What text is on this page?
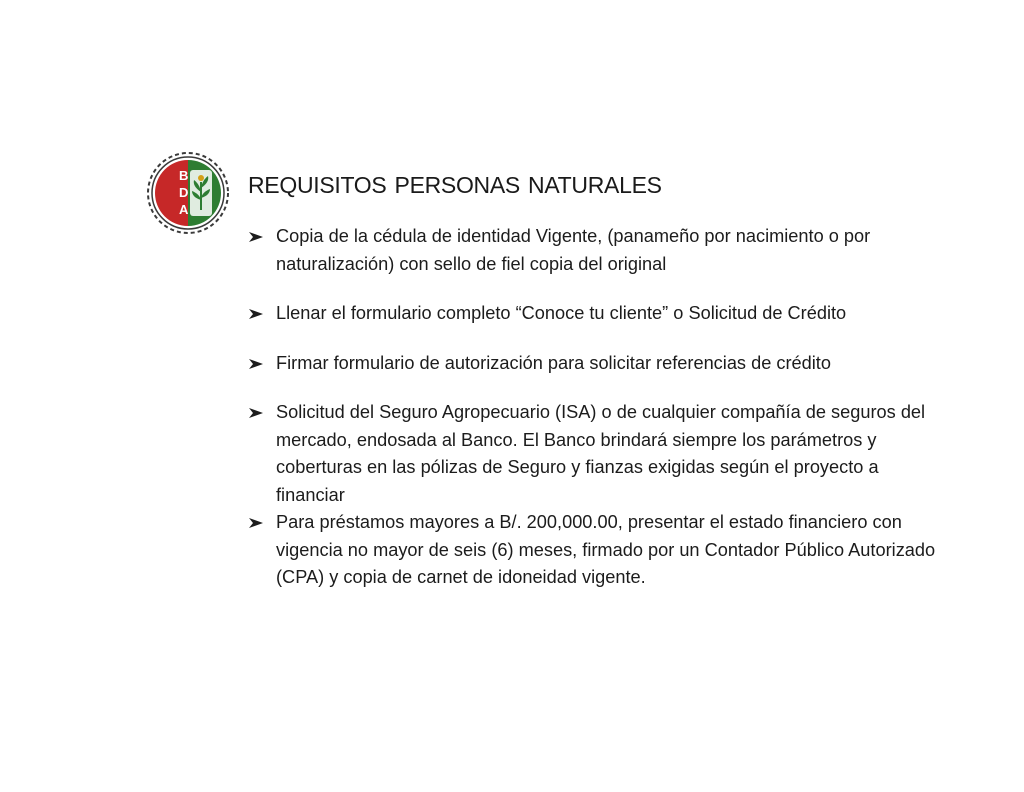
B
D
A
REQUISITOS PERSONAS NATURALES
Copia de la cédula de identidad Vigente, (panameño por nacimiento o por naturalización) con sello de fiel copia del original
Llenar el formulario completo “Conoce tu cliente” o Solicitud de Crédito
Firmar formulario de autorización para solicitar referencias de crédito
Solicitud del Seguro Agropecuario (ISA) o de cualquier compañía de seguros del mercado, endosada al Banco. El Banco brindará siempre los parámetros y coberturas en las pólizas de Seguro y fianzas exigidas según el proyecto a financiar
Para préstamos mayores a B/. 200,000.00, presentar el estado financiero con vigencia no mayor de seis (6) meses, firmado por un Contador Público Autorizado (CPA) y copia de carnet de idoneidad vigente.
